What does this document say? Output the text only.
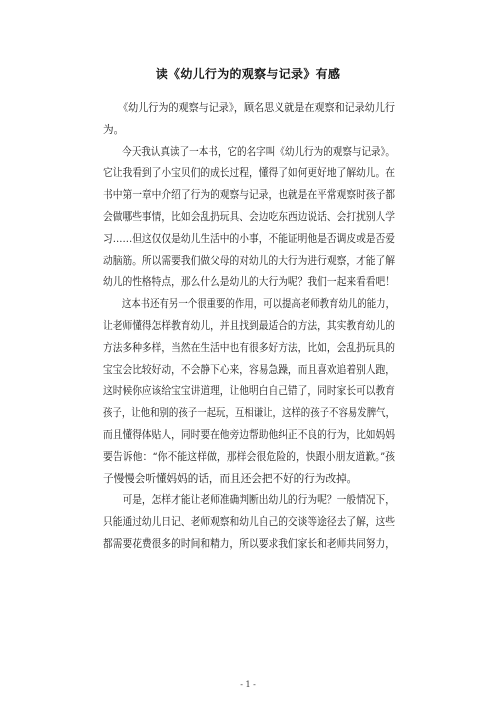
读《幼儿行为的观察与记录》有感
　　《幼儿行为的观察与记录》，顾名思义就是在观察和记录幼儿行
为。
　　今天我认真读了一本书，它的名字叫《幼儿行为的观察与记录》。
它让我看到了小宝贝们的成长过程，懂得了如何更好地了解幼儿。在
书中第一章中介绍了行为的观察与记录，也就是在平常观察时孩子都
会做哪些事情，比如会乱扔玩具、会边吃东西边说话、会打扰别人学
习……但这仅仅是幼儿生活中的小事，不能证明他是否调皮或是否爱
动脑筋。所以需要我们做父母的对幼儿的大行为进行观察，才能了解
幼儿的性格特点，那么什么是幼儿的大行为呢？我们一起来看看吧！
　　这本书还有另一个很重要的作用，可以提高老师教育幼儿的能力，
让老师懂得怎样教育幼儿，并且找到最适合的方法，其实教育幼儿的
方法多种多样，当然在生活中也有很多好方法，比如，会乱扔玩具的
宝宝会比较好动，不会静下心来，容易急躁，而且喜欢追着别人跑，
这时候你应该给宝宝讲道理，让他明白自己错了，同时家长可以教育
孩子，让他和别的孩子一起玩，互相谦让，这样的孩子不容易发脾气，
而且懂得体贴人，同时要在他旁边帮助他纠正不良的行为，比如妈妈
要告诉他：“你不能这样做，那样会很危险的，快跟小朋友道歉。”孩
子慢慢会听懂妈妈的话，而且还会把不好的行为改掉。
　　可是，怎样才能让老师准确判断出幼儿的行为呢？一般情况下，
只能通过幼儿日记、老师观察和幼儿自己的交谈等途径去了解，这些
都需要花费很多的时间和精力，所以要求我们家长和老师共同努力，
- 1 -
